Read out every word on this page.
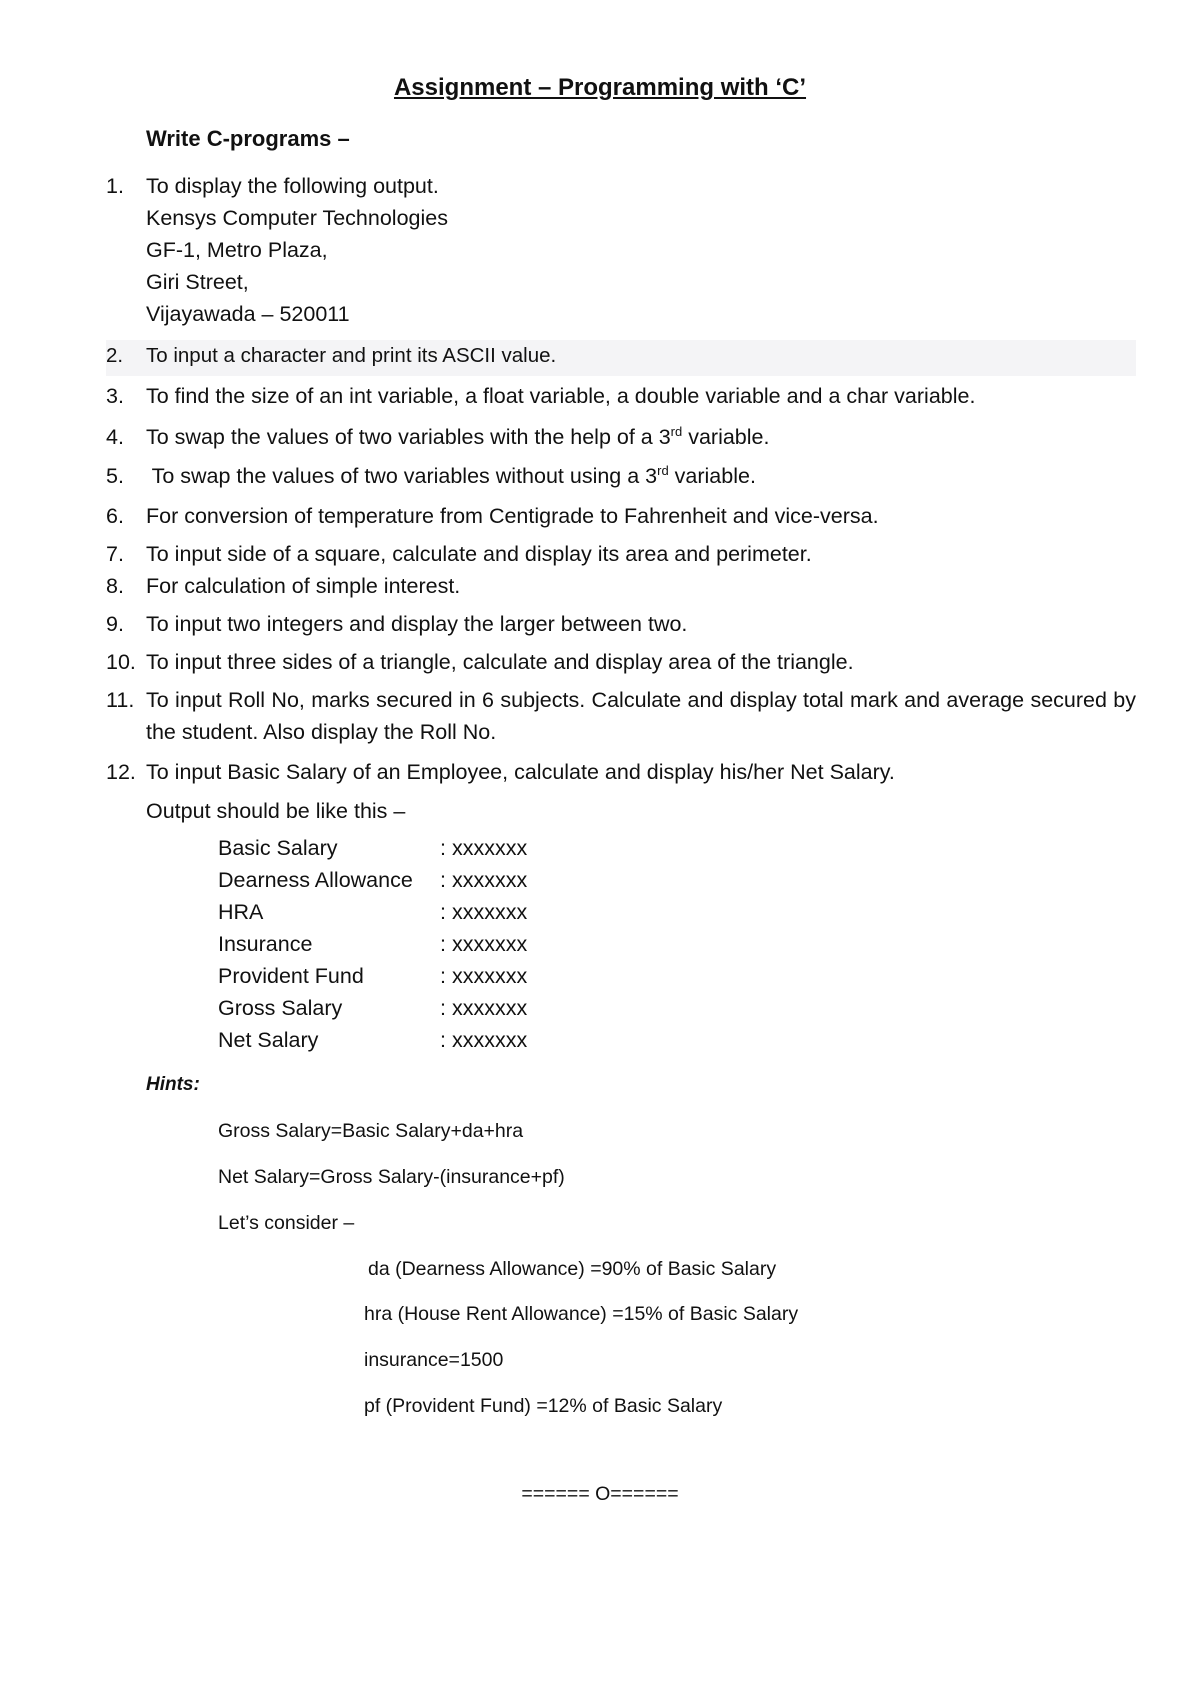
Assignment – Programming with ‘C’
Write C-programs –
1.	To display the following output.
Kensys Computer Technologies
GF-1, Metro Plaza,
Giri Street,
Vijayawada – 520011
2.	To input a character and print its ASCII value.
3.	To find the size of an int variable, a float variable, a double variable and a char variable.
4.	To swap the values of two variables with the help of a 3rd variable.
5.	To swap the values of two variables without using a 3rd variable.
6.	For conversion of temperature from Centigrade to Fahrenheit and vice-versa.
7.	To input side of a square, calculate and display its area and perimeter.
8.	For calculation of simple interest.
9.	To input two integers and display the larger between two.
10. To input three sides of a triangle, calculate and display area of the triangle.
11. To input Roll No, marks secured in 6 subjects. Calculate and display total mark and average secured by the student. Also display the Roll No.
12. To input Basic Salary of an Employee, calculate and display his/her Net Salary.
Output should be like this –
Basic Salary	: xxxxxxx
Dearness Allowance	: xxxxxxx
HRA	: xxxxxxx
Insurance	: xxxxxxx
Provident Fund	: xxxxxxx
Gross Salary	: xxxxxxx
Net Salary	: xxxxxxx
Hints:
Gross Salary=Basic Salary+da+hra
Net Salary=Gross Salary-(insurance+pf)
Let’s consider –
da (Dearness Allowance) =90% of Basic Salary
hra (House Rent Allowance) =15% of Basic Salary
insurance=1500
pf (Provident Fund) =12% of Basic Salary
====== O======
